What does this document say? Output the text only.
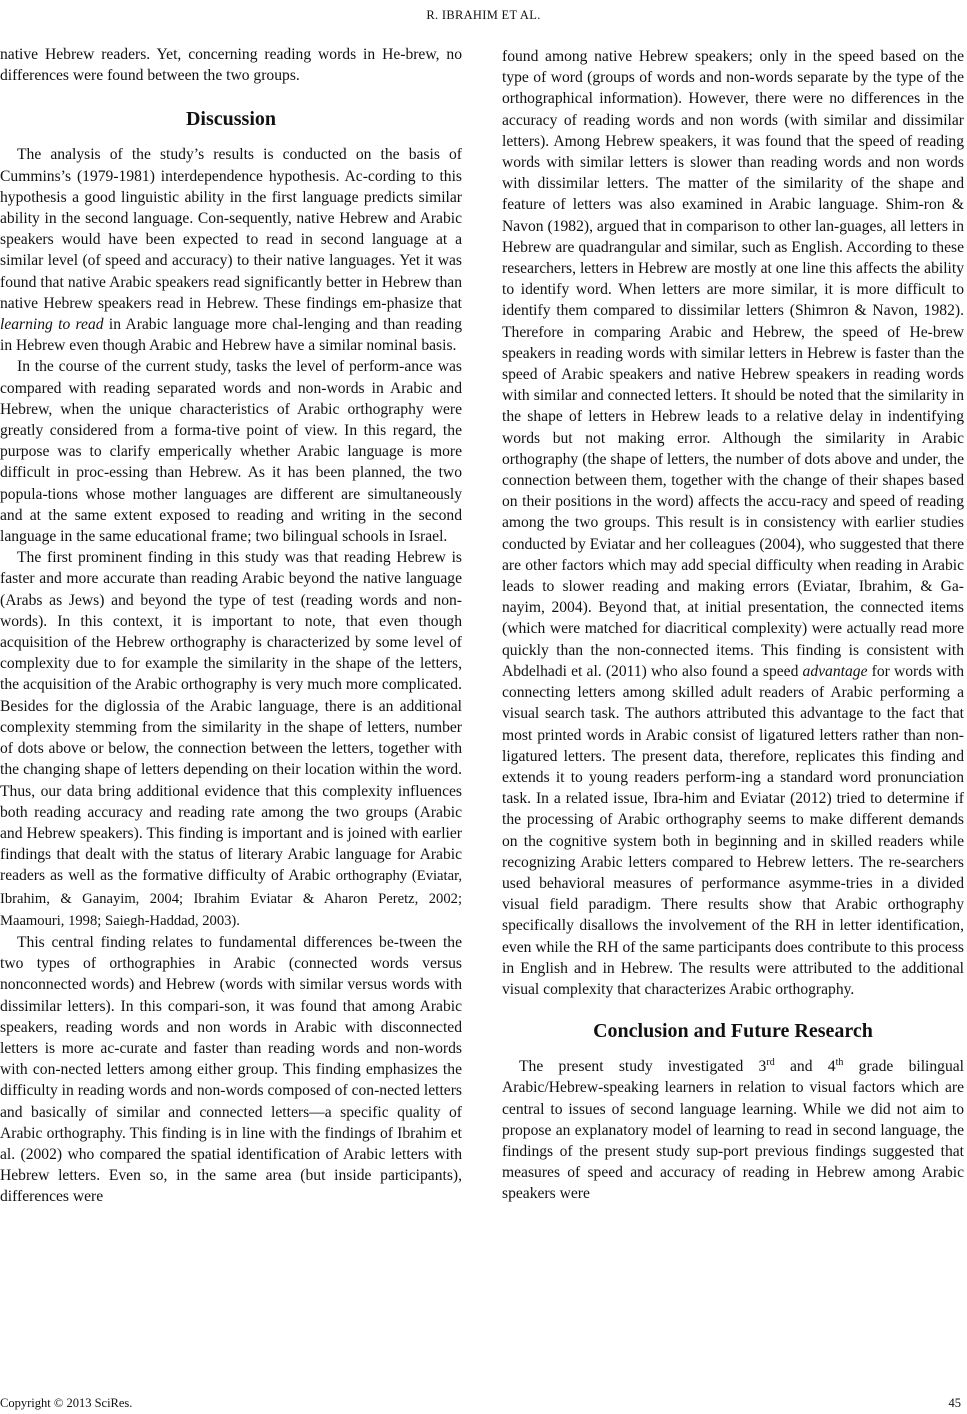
R. IBRAHIM ET AL.

native Hebrew readers. Yet, concerning reading words in He-brew, no differences were found between the two groups.

Discussion

The analysis of the study’s results is conducted on the basis of Cummins’s (1979-1981) interdependence hypothesis. Ac-cording to this hypothesis a good linguistic ability in the first language predicts similar ability in the second language. Con-sequently, native Hebrew and Arabic speakers would have been expected to read in second language at a similar level (of speed and accuracy) to their native languages. Yet it was found that native Arabic speakers read significantly better in Hebrew than native Hebrew speakers read in Hebrew. These findings em-phasize that learning to read in Arabic language more chal-lenging and than reading in Hebrew even though Arabic and Hebrew have a similar nominal basis.

In the course of the current study, tasks the level of perform-ance was compared with reading separated words and non-words in Arabic and Hebrew, when the unique characteristics of Arabic orthography were greatly considered from a forma-tive point of view. In this regard, the purpose was to clarify emperically whether Arabic language is more difficult in proc-essing than Hebrew. As it has been planned, the two popula-tions whose mother languages are different are simultaneously and at the same extent exposed to reading and writing in the second language in the same educational frame; two bilingual schools in Israel.

The first prominent finding in this study was that reading Hebrew is faster and more accurate than reading Arabic beyond the native language (Arabs as Jews) and beyond the type of test (reading words and non-words). In this context, it is important to note, that even though acquisition of the Hebrew orthography is characterized by some level of complexity due to for example the similarity in the shape of the letters, the acquisition of the Arabic orthography is very much more complicated. Besides for the diglossia of the Arabic language, there is an additional complexity stemming from the similarity in the shape of letters, number of dots above or below, the connection between the letters, together with the changing shape of letters depending on their location within the word. Thus, our data bring additional evidence that this complexity influences both reading accuracy and reading rate among the two groups (Arabic and Hebrew speakers). This finding is important and is joined with earlier findings that dealt with the status of literary Arabic language for Arabic readers as well as the formative difficulty of Arabic orthography (Eviatar, Ibrahim, & Ganayim, 2004; Ibrahim Eviatar & Aharon Peretz, 2002; Maamouri, 1998; Saiegh-Haddad, 2003).

This central finding relates to fundamental differences be-tween the two types of orthographies in Arabic (connected words versus nonconnected words) and Hebrew (words with similar versus words with dissimilar letters). In this compari-son, it was found that among Arabic speakers, reading words and non words in Arabic with disconnected letters is more ac-curate and faster than reading words and non-words with con-nected letters among either group. This finding emphasizes the difficulty in reading words and non-words composed of con-nected letters and basically of similar and connected letters—a specific quality of Arabic orthography. This finding is in line with the findings of Ibrahim et al. (2002) who compared the spatial identification of Arabic letters with Hebrew letters. Even so, in the same area (but inside participants), differences were

found among native Hebrew speakers; only in the speed based on the type of word (groups of words and non-words separate by the type of the orthographical information). However, there were no differences in the accuracy of reading words and non words (with similar and dissimilar letters). Among Hebrew speakers, it was found that the speed of reading words with similar letters is slower than reading words and non words with dissimilar letters. The matter of the similarity of the shape and feature of letters was also examined in Arabic language. Shim-ron & Navon (1982), argued that in comparison to other lan-guages, all letters in Hebrew are quadrangular and similar, such as English. According to these researchers, letters in Hebrew are mostly at one line this affects the ability to identify word. When letters are more similar, it is more difficult to identify them compared to dissimilar letters (Shimron & Navon, 1982). Therefore in comparing Arabic and Hebrew, the speed of He-brew speakers in reading words with similar letters in Hebrew is faster than the speed of Arabic speakers and native Hebrew speakers in reading words with similar and connected letters. It should be noted that the similarity in the shape of letters in Hebrew leads to a relative delay in indentifying words but not making error. Although the similarity in Arabic orthography (the shape of letters, the number of dots above and under, the connection between them, together with the change of their shapes based on their positions in the word) affects the accu-racy and speed of reading among the two groups. This result is in consistency with earlier studies conducted by Eviatar and her colleagues (2004), who suggested that there are other factors which may add special difficulty when reading in Arabic leads to slower reading and making errors (Eviatar, Ibrahim, & Ga-nayim, 2004). Beyond that, at initial presentation, the connected items (which were matched for diacritical complexity) were actually read more quickly than the non-connected items. This finding is consistent with Abdelhadi et al. (2011) who also found a speed advantage for words with connecting letters among skilled adult readers of Arabic performing a visual search task. The authors attributed this advantage to the fact that most printed words in Arabic consist of ligatured letters rather than non- ligatured letters. The present data, therefore, replicates this finding and extends it to young readers perform-ing a standard word pronunciation task. In a related issue, Ibra-him and Eviatar (2012) tried to determine if the processing of Arabic orthography seems to make different demands on the cognitive system both in beginning and in skilled readers while recognizing Arabic letters compared to Hebrew letters. The re-searchers used behavioral measures of performance asymme-tries in a divided visual field paradigm. There results show that Arabic orthography specifically disallows the involvement of the RH in letter identification, even while the RH of the same participants does contribute to this process in English and in Hebrew. The results were attributed to the additional visual complexity that characterizes Arabic orthography.

Conclusion and Future Research

The present study investigated 3rd and 4th grade bilingual Arabic/Hebrew-speaking learners in relation to visual factors which are central to issues of second language learning. While we did not aim to propose an explanatory model of learning to read in second language, the findings of the present study sup-port previous findings suggested that measures of speed and accuracy of reading in Hebrew among Arabic speakers were

Copyright © 2013 SciRes.	45
